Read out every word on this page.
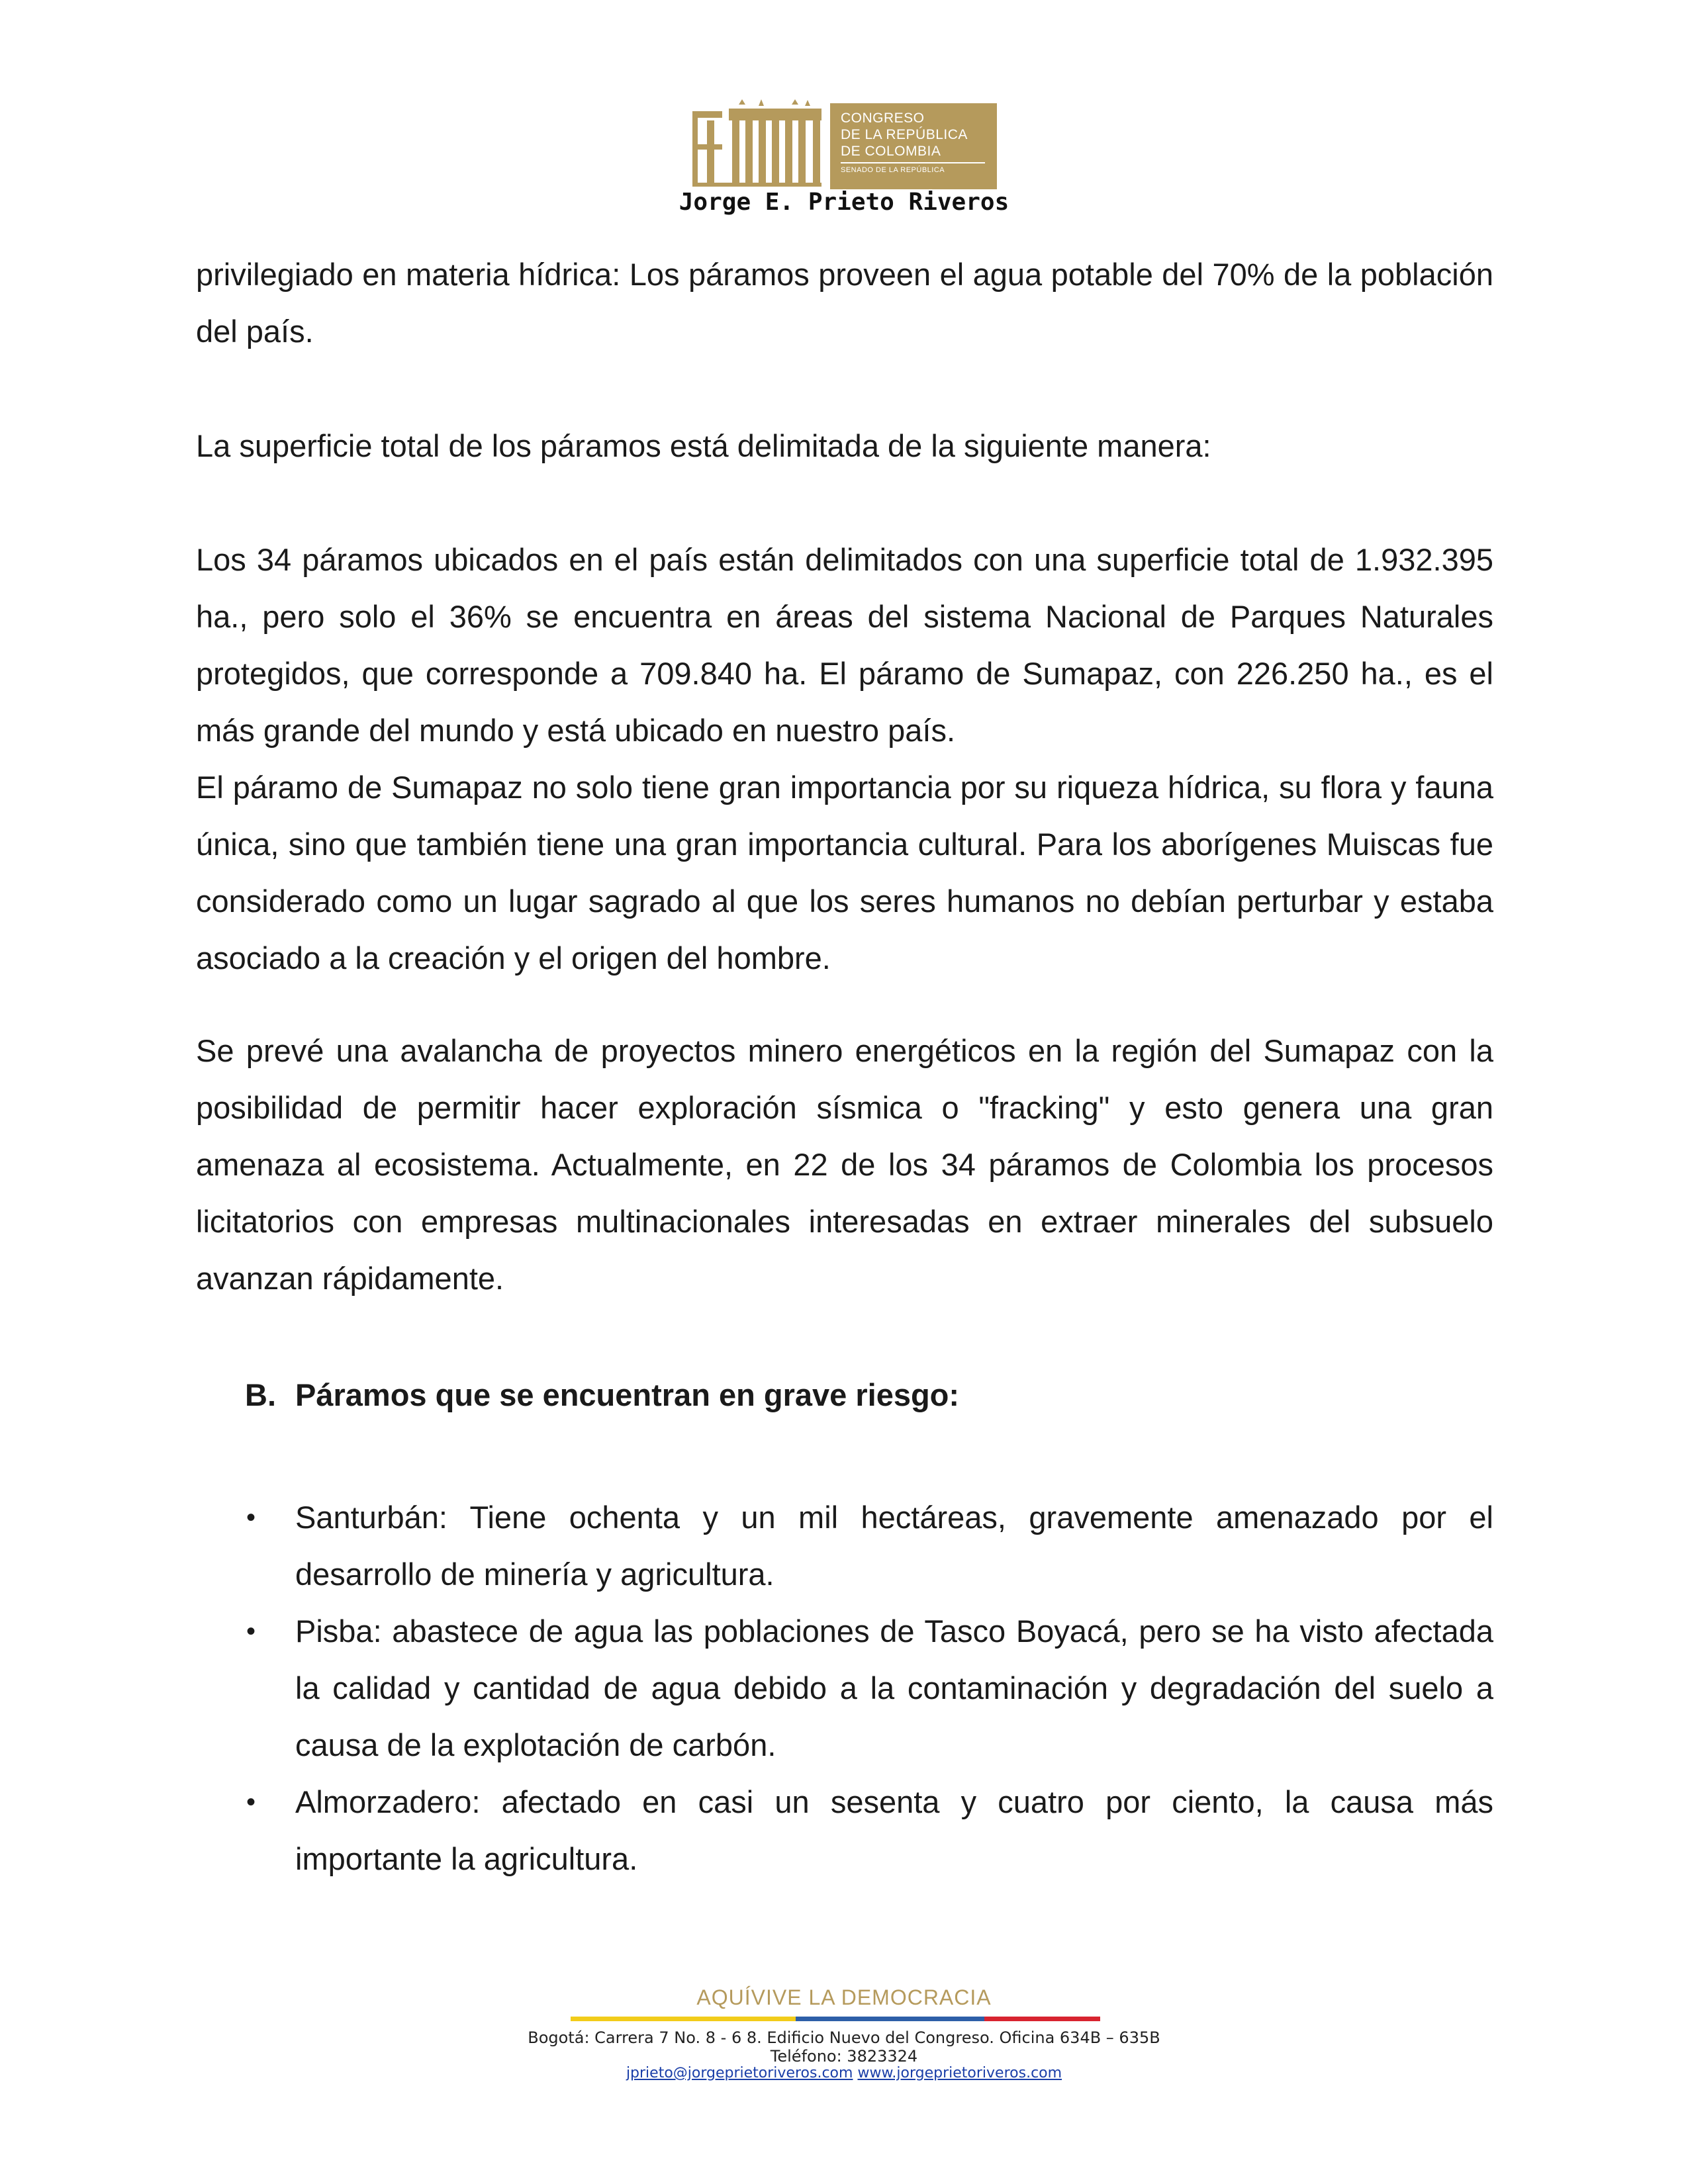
CONGRESO
DE LA REPÚBLICA
DE COLOMBIA
SENADO DE LA REPÚBLICA
Jorge E. Prieto Riveros

privilegiado en materia hídrica: Los páramos proveen el agua potable del 70% de la población del país.

La superficie total de los páramos está delimitada de la siguiente manera:

Los 34 páramos ubicados en el país están delimitados con una superficie total de 1.932.395 ha., pero solo el 36% se encuentra en áreas del sistema Nacional de Parques Naturales protegidos, que corresponde a 709.840 ha. El páramo de Sumapaz, con 226.250 ha., es el más grande del mundo y está ubicado en nuestro país.

El páramo de Sumapaz no solo tiene gran importancia por su riqueza hídrica, su flora y fauna única, sino que también tiene una gran importancia cultural. Para los aborígenes Muiscas fue considerado como un lugar sagrado al que los seres humanos no debían perturbar y estaba asociado a la creación y el origen del hombre.

Se prevé una avalancha de proyectos minero energéticos en la región del Sumapaz con la posibilidad de permitir hacer exploración sísmica o "fracking" y esto genera una gran amenaza al ecosistema. Actualmente, en 22 de los 34 páramos de Colombia los procesos licitatorios con empresas multinacionales interesadas en extraer minerales del subsuelo avanzan rápidamente.

B. Páramos que se encuentran en grave riesgo:

• Santurbán: Tiene ochenta y un mil hectáreas, gravemente amenazado por el desarrollo de minería y agricultura.
• Pisba: abastece de agua las poblaciones de Tasco Boyacá, pero se ha visto afectada la calidad y cantidad de agua debido a la contaminación y degradación del suelo a causa de la explotación de carbón.
• Almorzadero: afectado en casi un sesenta y cuatro por ciento, la causa más importante la agricultura.
AQUÍVIVE LA DEMOCRACIA
Bogotá: Carrera 7 No. 8 - 6 8. Edificio Nuevo del Congreso. Oficina 634B – 635B
Teléfono: 3823324
jprieto@jorgeprietoriveros.com www.jorgeprietoriveros.com
